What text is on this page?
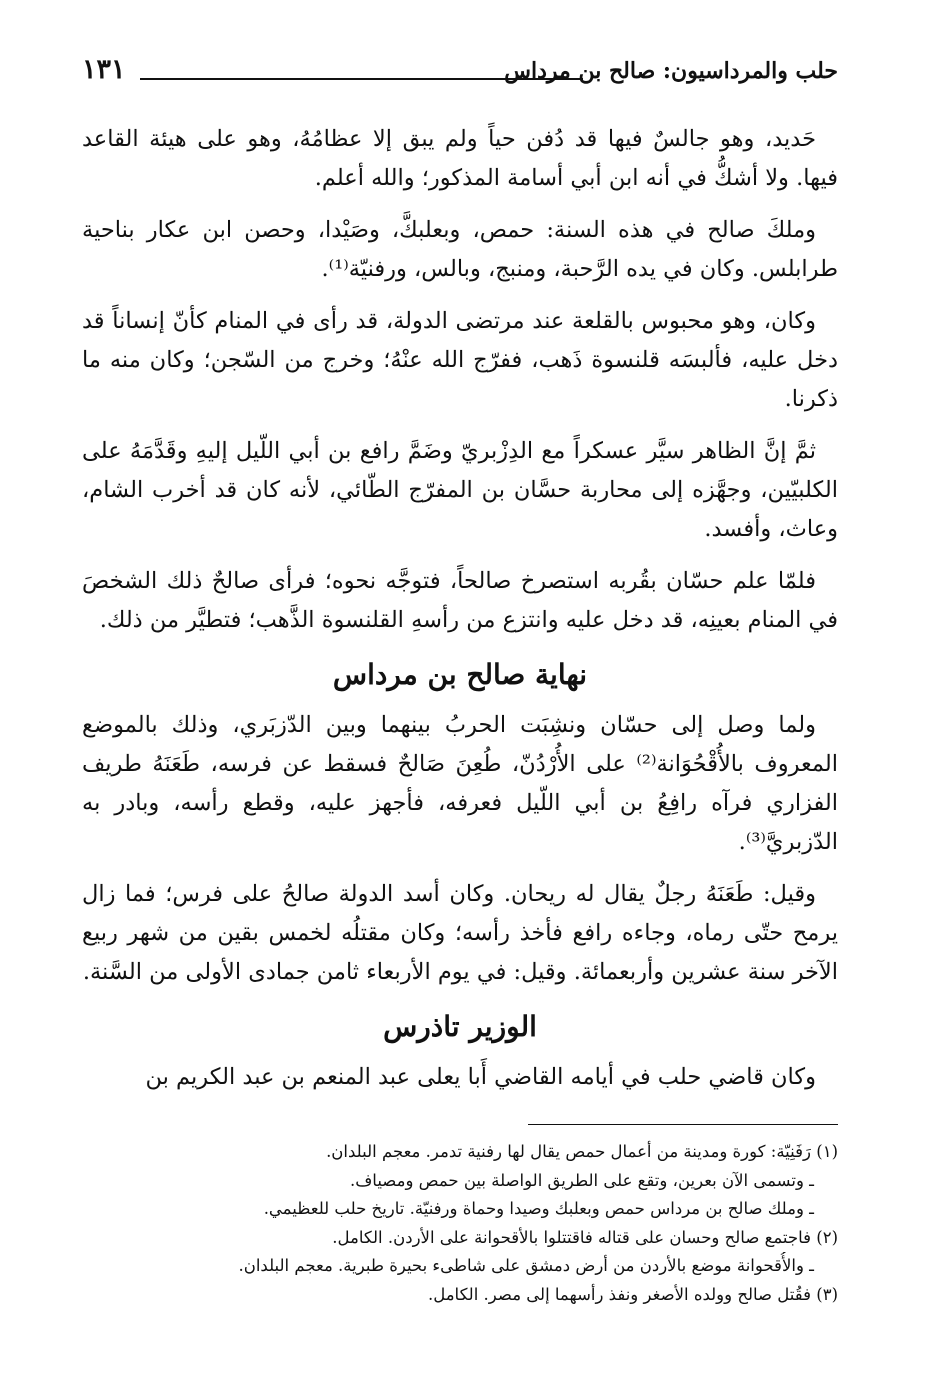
حلب والمرداسيون: صالح بن مرداس
١٣١

حَديد، وهو جالسٌ فيها قد دُفن حياً ولم يبق إلا عظامُهُ، وهو على هيئة القاعد فيها. ولا أشكُّ في أنه ابن أبي أسامة المذكور؛ والله أعلم.

وملكَ صالح في هذه السنة: حمص، وبعلبكَّ، وصَيْدا، وحصن ابن عكار بناحية طرابلس. وكان في يده الرَّحبة، ومنبج، وبالس، ورفنيّة⁽¹⁾.

وكان، وهو محبوس بالقلعة عند مرتضى الدولة، قد رأى في المنام كأنّ إنساناً قد دخل عليه، فألبسَه قلنسوة ذَهب، ففرّج الله عنْهُ؛ وخرج من السّجن؛ وكان منه ما ذكرنا.

ثمَّ إنَّ الظاهر سيَّر عسكراً مع الدِزْبريّ وضَمَّ رافع بن أبي اللّيل إليهِ وقَدَّمَهُ على الكلبيّين، وجهَّزه إلى محاربة حسَّان بن المفرّج الطّائي، لأنه كان قد أخرب الشام، وعاث، وأفسد.

فلمّا علم حسّان بقُربه استصرخ صالحاً، فتوجَّه نحوه؛ فرأى صالحٌ ذلك الشخصَ في المنام بعينِه، قد دخل عليه وانتزع من رأسهِ القلنسوة الذَّهب؛ فتطيَّر من ذلك.

نهاية صالح بن مرداس

ولما وصل إلى حسّان ونشِبَت الحربُ بينهما وبين الدّزبَري، وذلك بالموضع المعروف بالأُقْحُوَانة⁽²⁾ على الأُرْدُنّ، طُعِنَ صَالحٌ فسقط عن فرسه، طَعَنَهُ طريف الفزاري فرآه رافِعُ بن أبي اللّيل فعرفه، فأجهز عليه، وقطع رأسه، وبادر به الدّزبريَّ⁽³⁾.

وقيل: طَعَنَهُ رجلٌ يقال له ريحان. وكان أسد الدولة صالحُ على فرس؛ فما زال يرمح حتّى رماه، وجاءه رافع فأخذ رأسه؛ وكان مقتلُه لخمس بقين من شهر ربيع الآخر سنة عشرين وأربعمائة. وقيل: في يوم الأربعاء ثامن جمادى الأولى من السَّنة.

الوزير تاذرس

وكان قاضي حلب في أيامه القاضي أَبا يعلى عبد المنعم بن عبد الكريم بن

(١) رَفَنِيّة: كورة ومدينة من أعمال حمص يقال لها رفنية تدمر. معجم البلدان.
ـ وتسمى الآن بعرين، وتقع على الطريق الواصلة بين حمص ومصياف.
ـ وملك صالح بن مرداس حمص وبعلبك وصيدا وحماة ورفنيّة. تاريخ حلب للعظيمي.
(٢) فاجتمع صالح وحسان على قتاله فاقتتلوا بالأقحوانة على الأردن. الكامل.
ـ والأُقحوانة موضع بالأردن من أرض دمشق على شاطىء بحيرة طبرية. معجم البلدان.
(٣) فقُتل صالح وولده الأصغر ونفذ رأسهما إلى مصر. الكامل.
